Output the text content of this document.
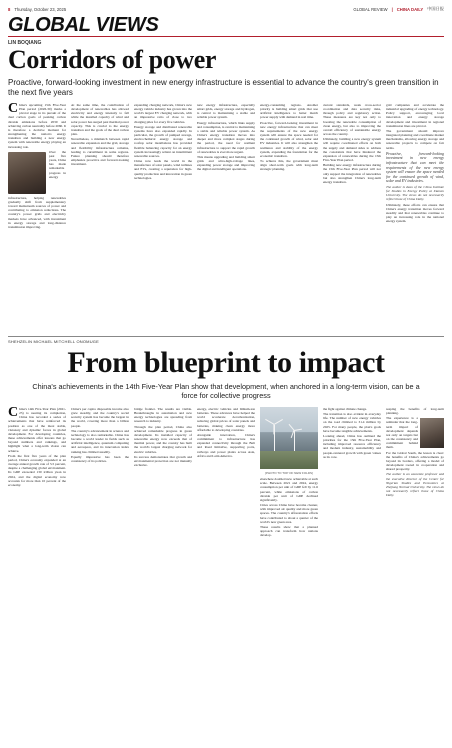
8 Thursday, October 23, 2025	GLOBAL REVIEW | CHINA DAILY 中国日报
GLOBAL VIEWS
LIN BOQIANG
Corridors of power
Proactive, forward-looking investment in new energy infrastructure is essential to advance the country's green transition in the next five years
C hina's upcoming 15th Five-Year Plan period (2026-30) marks a pivotal stage in its pursuit of the dual carbon goals of peaking carbon dioxide emissions before 2030 and achieving carbon neutrality before 2060. It is therefore a decisive moment for strengthening the nation's energy transition and building a new energy system with renewable energy playing an increasing role.

Over the past five years, China has made remarkable progress in energy infrastructure, helping renewables gradually shift from supplementary toward mainstream sources of power and contributing to emission reductions. The country's power grids and electricity markets have advanced, with investment in energy storage and long-distance transmission improving.

At the same time, the contribution of development of renewables has allowed electricity and energy intensity to fall while the installed capacity of wind and solar power has surged past thermal power capacity. This is crucial to the energy transition and the goals of the dual carbon plan.

Nevertheless, a mismatch between rapid renewable expansion and the grid, storage and flexibility infrastructure remains, leading to curtailment in some regions. Future planning should therefore emphasize proactive and forward-looking investment.

expanding charging network, China's new energy vehicle industry has grown into the world's largest EV charging network, with an impressive ratio of close to two charging piles for every five vehicles.

Energy storage and distributed renewable systems have also expanded rapidly. In particular, the growth of pumped storage, electrochemical energy storage and rooftop solar installations has provided flexible balancing capacity for an energy system increasingly reliant on intermittent renewable sources.

China now leads the world in the manufacture of solar panels, wind turbines and EVs, creating a reputation for high-quality production and innovation in green technologies.

new energy infrastructure, especially smart grids, energy storage and hydrogen, is central to maintaining a stable and reliable power system.

Energy infrastructure, which links supply and consumption, is central to maintaining a stable and reliable power system. As China's energy transition moves into deeper and more complex stages during the period, the need for resilient infrastructure to support the rapid growth of renewables is ever more urgent.

This means upgrading and building smart grids and ultra-high-voltage lines, expanding power storage and improving the digital and intelligent operations.

energy-consuming regions. Another priority is building smart grids that use artificial intelligence to better match power supply with demand in real time.

Proactive, forward-looking investment in new energy infrastructure that can meet the requirements of the new energy system will ensure the space needed for the continued growth of wind, solar and EV industries. It will also strengthen the resilience and stability of the energy system, expanding the foundation for the economic transition.

To achieve this, the government must align short-term goals with long-term strategic planning.

current standards, weak cross-sector coordination and data security risks, through policy and regulatory action. These measures are key not only to boosting the renewable consumption of clean energy, but also to improving the overall efficiency of sustainable energy across the country.

Ultimately, building a new energy system will require coordinated efforts on both the supply and demand sides to address the constraints that have hindered the expansion of renewables during the 15th Five-Year Plan period.

Building new energy infrastructure during the 15th Five-Year Plan period will not only support the integration of renewables but also strengthen China's long-term energy transition.

grid companies and accelerate the industrial upgrading of energy technology. Policy support, encouraging local innovation and energy storage development and investment in regional transmission lines are pivotal.

The government should improve integrated planning and coordinate market mechanisms, allowing energy storage and renewable projects to compete on fair terms.

Proactive, forward-looking investment in new energy infrastructure that can meet the requirements of the new energy system will ensure the space needed for the continued growth of wind, solar and EV industries.

The author is dean of the China Institute for Studies in Energy Policy at Xiamen University. The views do not necessarily reflect those of China Daily.

Ultimately, these efforts can ensure that China's energy transition moves forward steadily and that renewables continue to play an increasing role in the national energy system.

SHEHZELIN MICHAEL MITCHELL ONOMUGE
From blueprint to impact
China's achievements in the 14th Five-Year Plan show that development, when anchored in a long-term vision, can be a force for collective progress
C hina's 14th Five-Year Plan (2021-25) is nearing its completion, China has recorded a series of achievements that have reinforced its position as one of the most stable, visionary and dynamic forces in global development. For developing countries, these achievements offer lessons that go beyond numbers and rankings, and highlight what a long-term vision can achieve.

From the first five years of the plan period, China's economy expanded at an average annual growth rate of 5.5 percent, despite a challenging global environment. Its GDP exceeded 130 trillion yuan in 2024, and the digital economy now accounts for more than 10 percent of the economy.

China's per capita disposable income also grew steadily, and the country's social security system has become the largest in the world, covering more than a billion people.

The country's advancement in science and technology is also remarkable. China has become a world leader in fields such as artificial intelligence, quantum computing and aerospace, and its innovation index ranking has climbed steadily.

Equally impressive has been the consistency of its policies.

bridge frontier. The results are visible. Breakthroughs in automation and new energy technologies are spreading from research to industry.

Through the plan period, China also achieved remarkable progress in green development. Its installed capacity of renewable energy now exceeds that of thermal power, and the country has built the world's largest charging network for electric vehicles.

Its success demonstrates that growth and environmental protection are not mutually exclusive.

energy, electric vehicles and lithium-ion batteries. These advances have helped the world accelerate decarbonization, reducing global prices of solar panels and batteries, making clean energy more affordable to developing countries.

Alongside innovation, China's commitment to infrastructure has expanded connectivity through the Belt and Road Initiative, supporting ports, railways and power plants across Asia, Africa and Latin America.

[PHOTO TO TOP OF NEW FOLDS]

elsewhere doubled new achievable at such scale. Between 2021 and 2024, energy consumption per unit of GDP fell by 11.6 percent, while emissions of carbon dioxide per unit of GDP declined significantly.

Cities across China have become cleaner, with improved air quality and more green spaces. The country's afforestation efforts have contributed to about a quarter of the world's new green area.

These results show that a planned approach can transform how nations develop.

the fight against climate change.

The transition is also evident in everyday life. The number of new energy vehicles on the road climbed to 31.4 million by 2025. For many people, the plan's goals have become tangible achievements.

Looking ahead, China has outlined the priorities for the 15th Five-Year Plan, including improved resource efficiency and modern industry, sustainability and people-centered growth with green values as its core.

reaping the benefits of long-term planning.

The experience is a reminder that the long-term impact of development depends not only on targets but on the consistency and commitment behind them.

For the Global South, the lesson is clear: the benefits of China's achievements go beyond its borders, offering a model of development rooted in cooperation and shared prosperity.

The author is an associate professor and the executive director of the Center for Nigerian Studies and Economics at Zhejiang Normal University. The views do not necessarily reflect those of China Daily.
